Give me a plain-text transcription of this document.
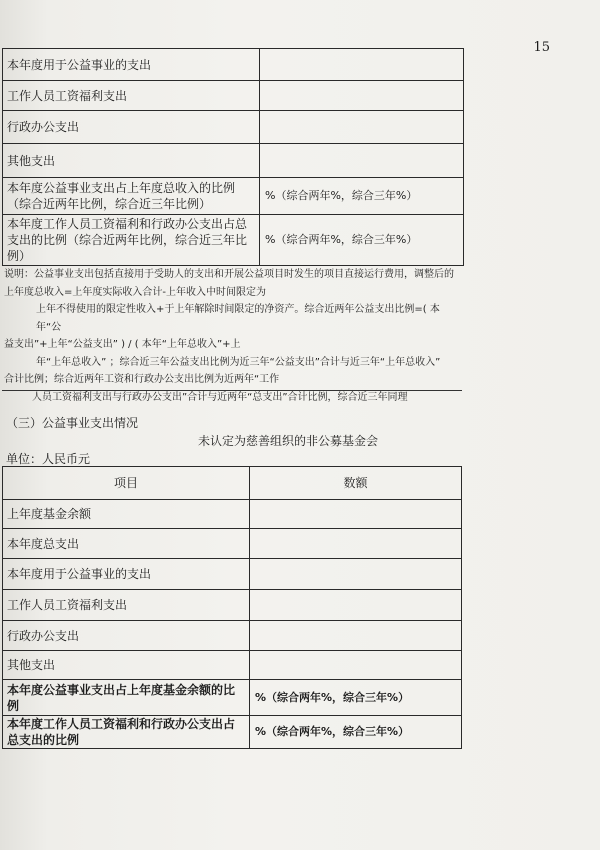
15
本年度用于公益事业的支出	
工作人员工资福利支出	
行政办公支出	
其他支出	
本年度公益事业支出占上年度总收入的比例（综合近两年比例，综合近三年比例）	%（综合两年%，综合三年%）
本年度工作人员工资福利和行政办公支出占总支出的比例（综合近两年比例，综合近三年比例）	%（综合两年%，综合三年%）
说明：公益事业支出包括直接用于受助人的支出和开展公益项目时发生的项目直接运行费用，调整后的
上年度总收入=上年度实际收入合计-上年收入中时间限定为
上年不得使用的限定性收入+于上年解除时间限定的净资产。综合近两年公益支出比例=( 本年“公
益支出”+上年“公益支出” ) / ( 本年“上年总收入”+上
年“上年总收入” ；综合近三年公益支出比例为近三年“公益支出”合计与近三年“上年总收入”
合计比例；综合近两年工资和行政办公支出比例为近两年“工作
人员工资福利支出与行政办公支出”合计与近两年“总支出”合计比例，综合近三年同理
（三）公益事业支出情况
未认定为慈善组织的非公募基金会
单位：人民币元
项目	数额
上年度基金余额	
本年度总支出	
本年度用于公益事业的支出	
工作人员工资福利支出	
行政办公支出	
其他支出	
本年度公益事业支出占上年度基金余额的比例	%（综合两年%，综合三年%）
本年度工作人员工资福利和行政办公支出占总支出的比例	%（综合两年%，综合三年%）
